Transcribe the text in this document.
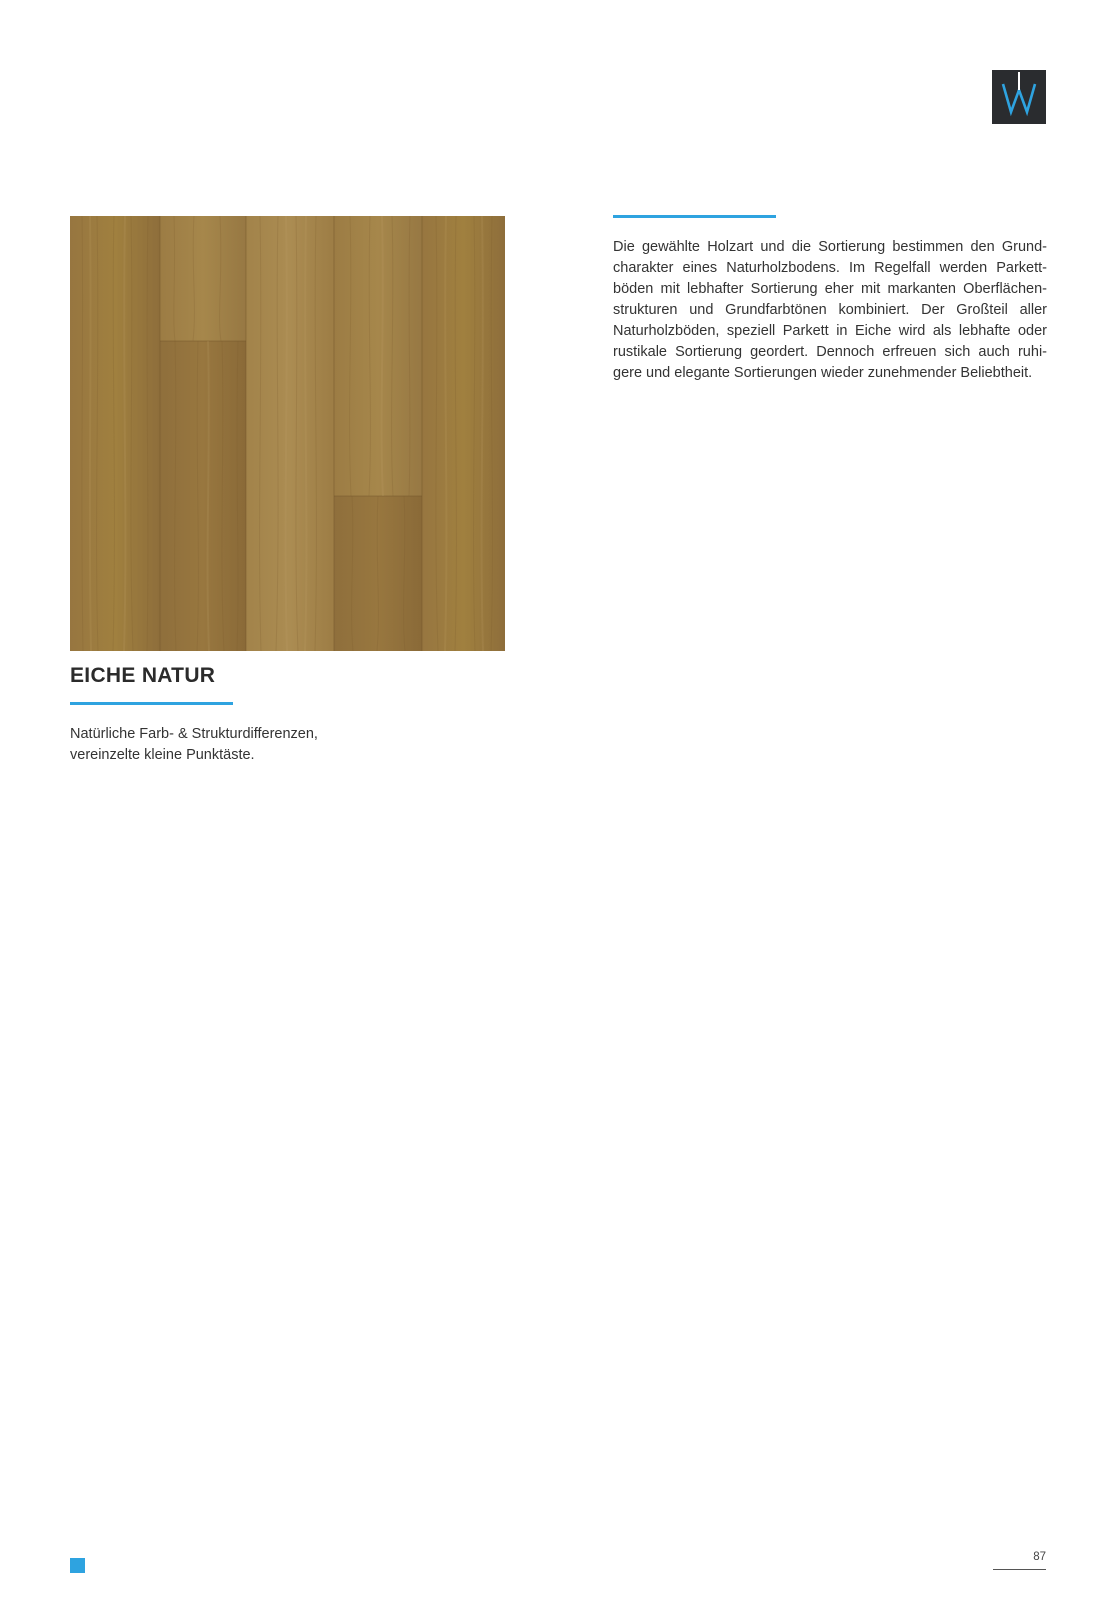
Die gewählte Holzart und die Sortierung bestimmen den Grund-
charakter eines Naturholzbodens. Im Regelfall werden Parkett-
böden mit lebhafter Sortierung eher mit markanten Oberflächen-
strukturen und Grundfarbtönen kombiniert. Der Großteil aller
Naturholzböden, speziell Parkett in Eiche wird als lebhafte oder
rustikale Sortierung geordert. Dennoch erfreuen sich auch ruhi-
gere und elegante Sortierungen wieder zunehmender Beliebtheit.

EICHE NATUR

Natürliche Farb- & Strukturdifferenzen,
vereinzelte kleine Punktäste.

87
